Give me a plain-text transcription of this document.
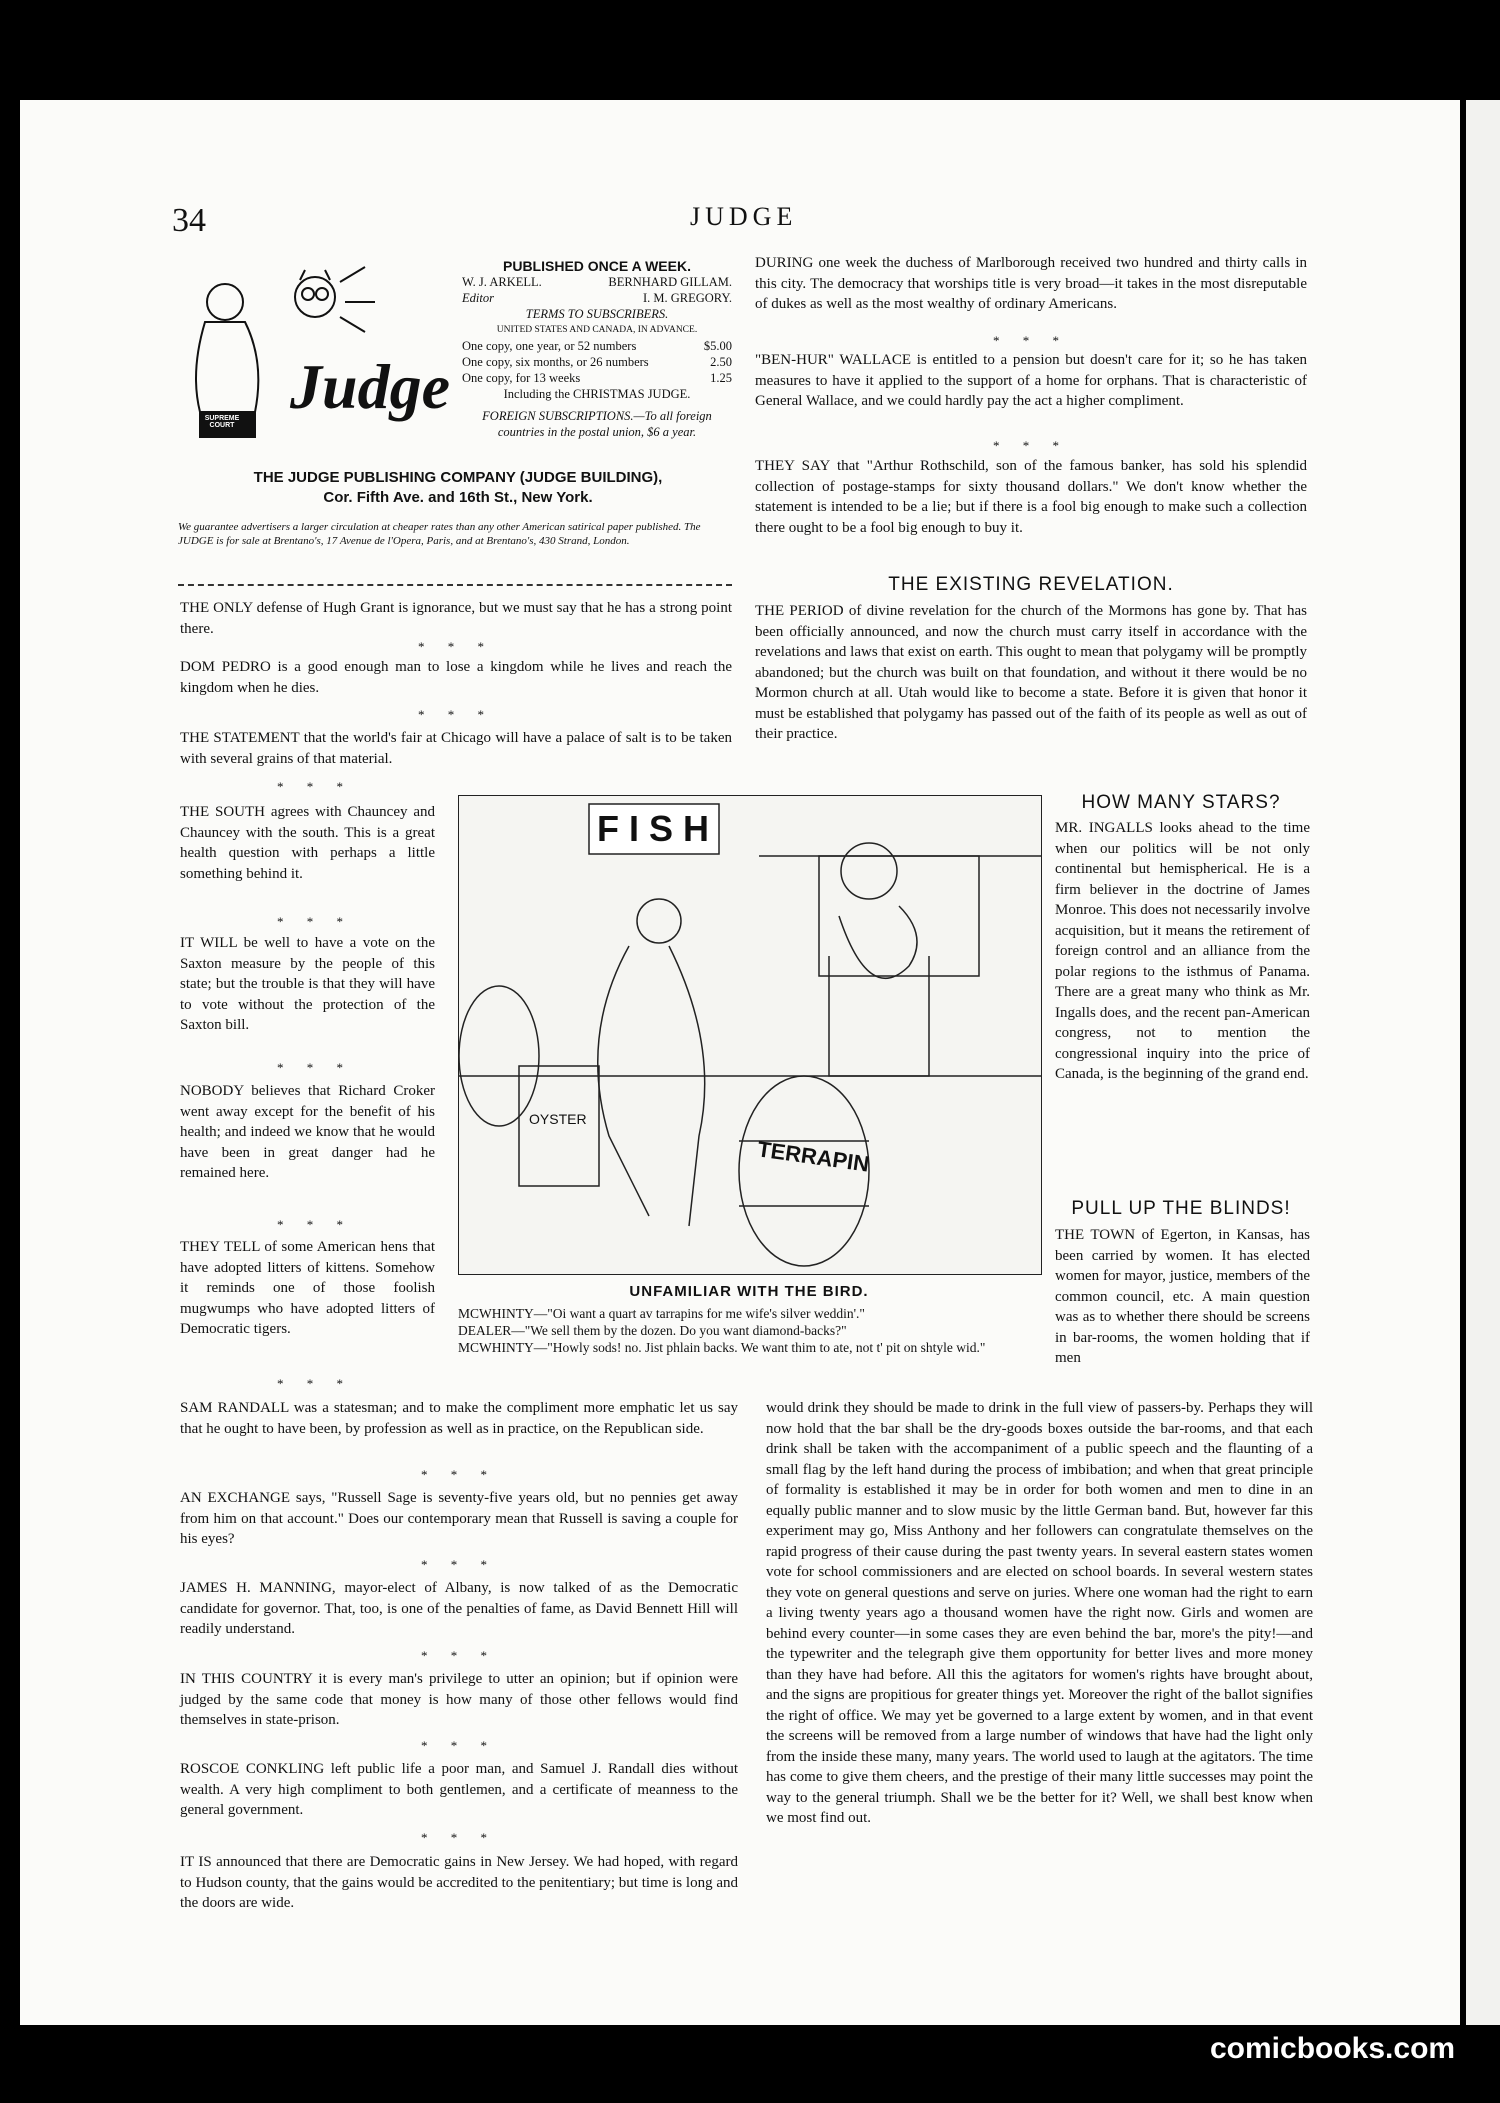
34	JUDGE
SUPREME COURT
Judge
PUBLISHED ONCE A WEEK.
W. J. ARKELL.	BERNHARD GILLAM.
Editor	I. M. GREGORY.
TERMS TO SUBSCRIBERS.
UNITED STATES AND CANADA, IN ADVANCE.
One copy, one year, or 52 numbers	$5.00
One copy, six months, or 26 numbers	2.50
One copy, for 13 weeks	1.25
Including the CHRISTMAS JUDGE.
FOREIGN SUBSCRIPTIONS.—To all foreign countries in the postal union, $6 a year.
THE JUDGE PUBLISHING COMPANY (JUDGE BUILDING),
Cor. Fifth Ave. and 16th St., New York.
We guarantee advertisers a larger circulation at cheaper rates than any other American satirical paper published. The JUDGE is for sale at Brentano's, 17 Avenue de l'Opera, Paris, and at Brentano's, 430 Strand, London.
THE ONLY defense of Hugh Grant is ignorance, but we must say that he has a strong point there.
* * *
DOM PEDRO is a good enough man to lose a kingdom while he lives and reach the kingdom when he dies.
* * *
THE STATEMENT that the world's fair at Chicago will have a palace of salt is to be taken with several grains of that material.
* * *
THE SOUTH agrees with Chauncey and Chauncey with the south. This is a great health question with perhaps a little something behind it.
* * *
IT WILL be well to have a vote on the Saxton measure by the people of this state; but the trouble is that they will have to vote without the protection of the Saxton bill.
* * *
NOBODY believes that Richard Croker went away except for the benefit of his health; and indeed we know that he would have been in great danger had he remained here.
* * *
THEY TELL of some American hens that have adopted litters of kittens. Somehow it reminds one of those foolish mugwumps who have adopted litters of Democratic tigers.
* * *
FISH
TERRAPIN
OYSTER
UNFAMILIAR WITH THE BIRD.
MCWHINTY—"Oi want a quart av tarrapins for me wife's silver weddin'."
DEALER—"We sell them by the dozen. Do you want diamond-backs?"
MCWHINTY—"Howly sods! no. Jist phlain backs. We want thim to ate, not t' pit on shtyle wid."
SAM RANDALL was a statesman; and to make the compliment more emphatic let us say that he ought to have been, by profession as well as in practice, on the Republican side.
* * *
AN EXCHANGE says, "Russell Sage is seventy-five years old, but no pennies get away from him on that account." Does our contemporary mean that Russell is saving a couple for his eyes?
* * *
JAMES H. MANNING, mayor-elect of Albany, is now talked of as the Democratic candidate for governor. That, too, is one of the penalties of fame, as David Bennett Hill will readily understand.
* * *
IN THIS COUNTRY it is every man's privilege to utter an opinion; but if opinion were judged by the same code that money is how many of those other fellows would find themselves in state-prison.
* * *
ROSCOE CONKLING left public life a poor man, and Samuel J. Randall dies without wealth. A very high compliment to both gentlemen, and a certificate of meanness to the general government.
* * *
IT IS announced that there are Democratic gains in New Jersey. We had hoped, with regard to Hudson county, that the gains would be accredited to the penitentiary; but time is long and the doors are wide.
DURING one week the duchess of Marlborough received two hundred and thirty calls in this city. The democracy that worships title is very broad—it takes in the most disreputable of dukes as well as the most wealthy of ordinary Americans.
* * *
"BEN-HUR" WALLACE is entitled to a pension but doesn't care for it; so he has taken measures to have it applied to the support of a home for orphans. That is characteristic of General Wallace, and we could hardly pay the act a higher compliment.
* * *
THEY SAY that "Arthur Rothschild, son of the famous banker, has sold his splendid collection of postage-stamps for sixty thousand dollars." We don't know whether the statement is intended to be a lie; but if there is a fool big enough to make such a collection there ought to be a fool big enough to buy it.
THE EXISTING REVELATION.
THE PERIOD of divine revelation for the church of the Mormons has gone by. That has been officially announced, and now the church must carry itself in accordance with the revelations and laws that exist on earth. This ought to mean that polygamy will be promptly abandoned; but the church was built on that foundation, and without it there would be no Mormon church at all. Utah would like to become a state. Before it is given that honor it must be established that polygamy has passed out of the faith of its people as well as out of their practice.
HOW MANY STARS?
MR. INGALLS looks ahead to the time when our politics will be not only continental but hemispherical. He is a firm believer in the doctrine of James Monroe. This does not necessarily involve acquisition, but it means the retirement of foreign control and an alliance from the polar regions to the isthmus of Panama. There are a great many who think as Mr. Ingalls does, and the recent pan-American congress, not to mention the congressional inquiry into the price of Canada, is the beginning of the grand end.
PULL UP THE BLINDS!
THE TOWN of Egerton, in Kansas, has been carried by women. It has elected women for mayor, justice, members of the common council, etc. A main question was as to whether there should be screens in bar-rooms, the women holding that if men
would drink they should be made to drink in the full view of passers-by. Perhaps they will now hold that the bar shall be the dry-goods boxes outside the bar-rooms, and that each drink shall be taken with the accompaniment of a public speech and the flaunting of a small flag by the left hand during the process of imbibation; and when that great principle of formality is established it may be in order for both women and men to dine in an equally public manner and to slow music by the little German band. But, however far this experiment may go, Miss Anthony and her followers can congratulate themselves on the rapid progress of their cause during the past twenty years. In several eastern states women vote for school commissioners and are elected on school boards. In several western states they vote on general questions and serve on juries. Where one woman had the right to earn a living twenty years ago a thousand women have the right now. Girls and women are behind every counter—in some cases they are even behind the bar, more's the pity!—and the typewriter and the telegraph give them opportunity for better lives and more money than they have had before. All this the agitators for women's rights have brought about, and the signs are propitious for greater things yet. Moreover the right of the ballot signifies the right of office. We may yet be governed to a large extent by women, and in that event the screens will be removed from a large number of windows that have had the light only from the inside these many, many years. The world used to laugh at the agitators. The time has come to give them cheers, and the prestige of their many little successes may point the way to the general triumph. Shall we be the better for it? Well, we shall best know when we most find out.
comicbooks.com
